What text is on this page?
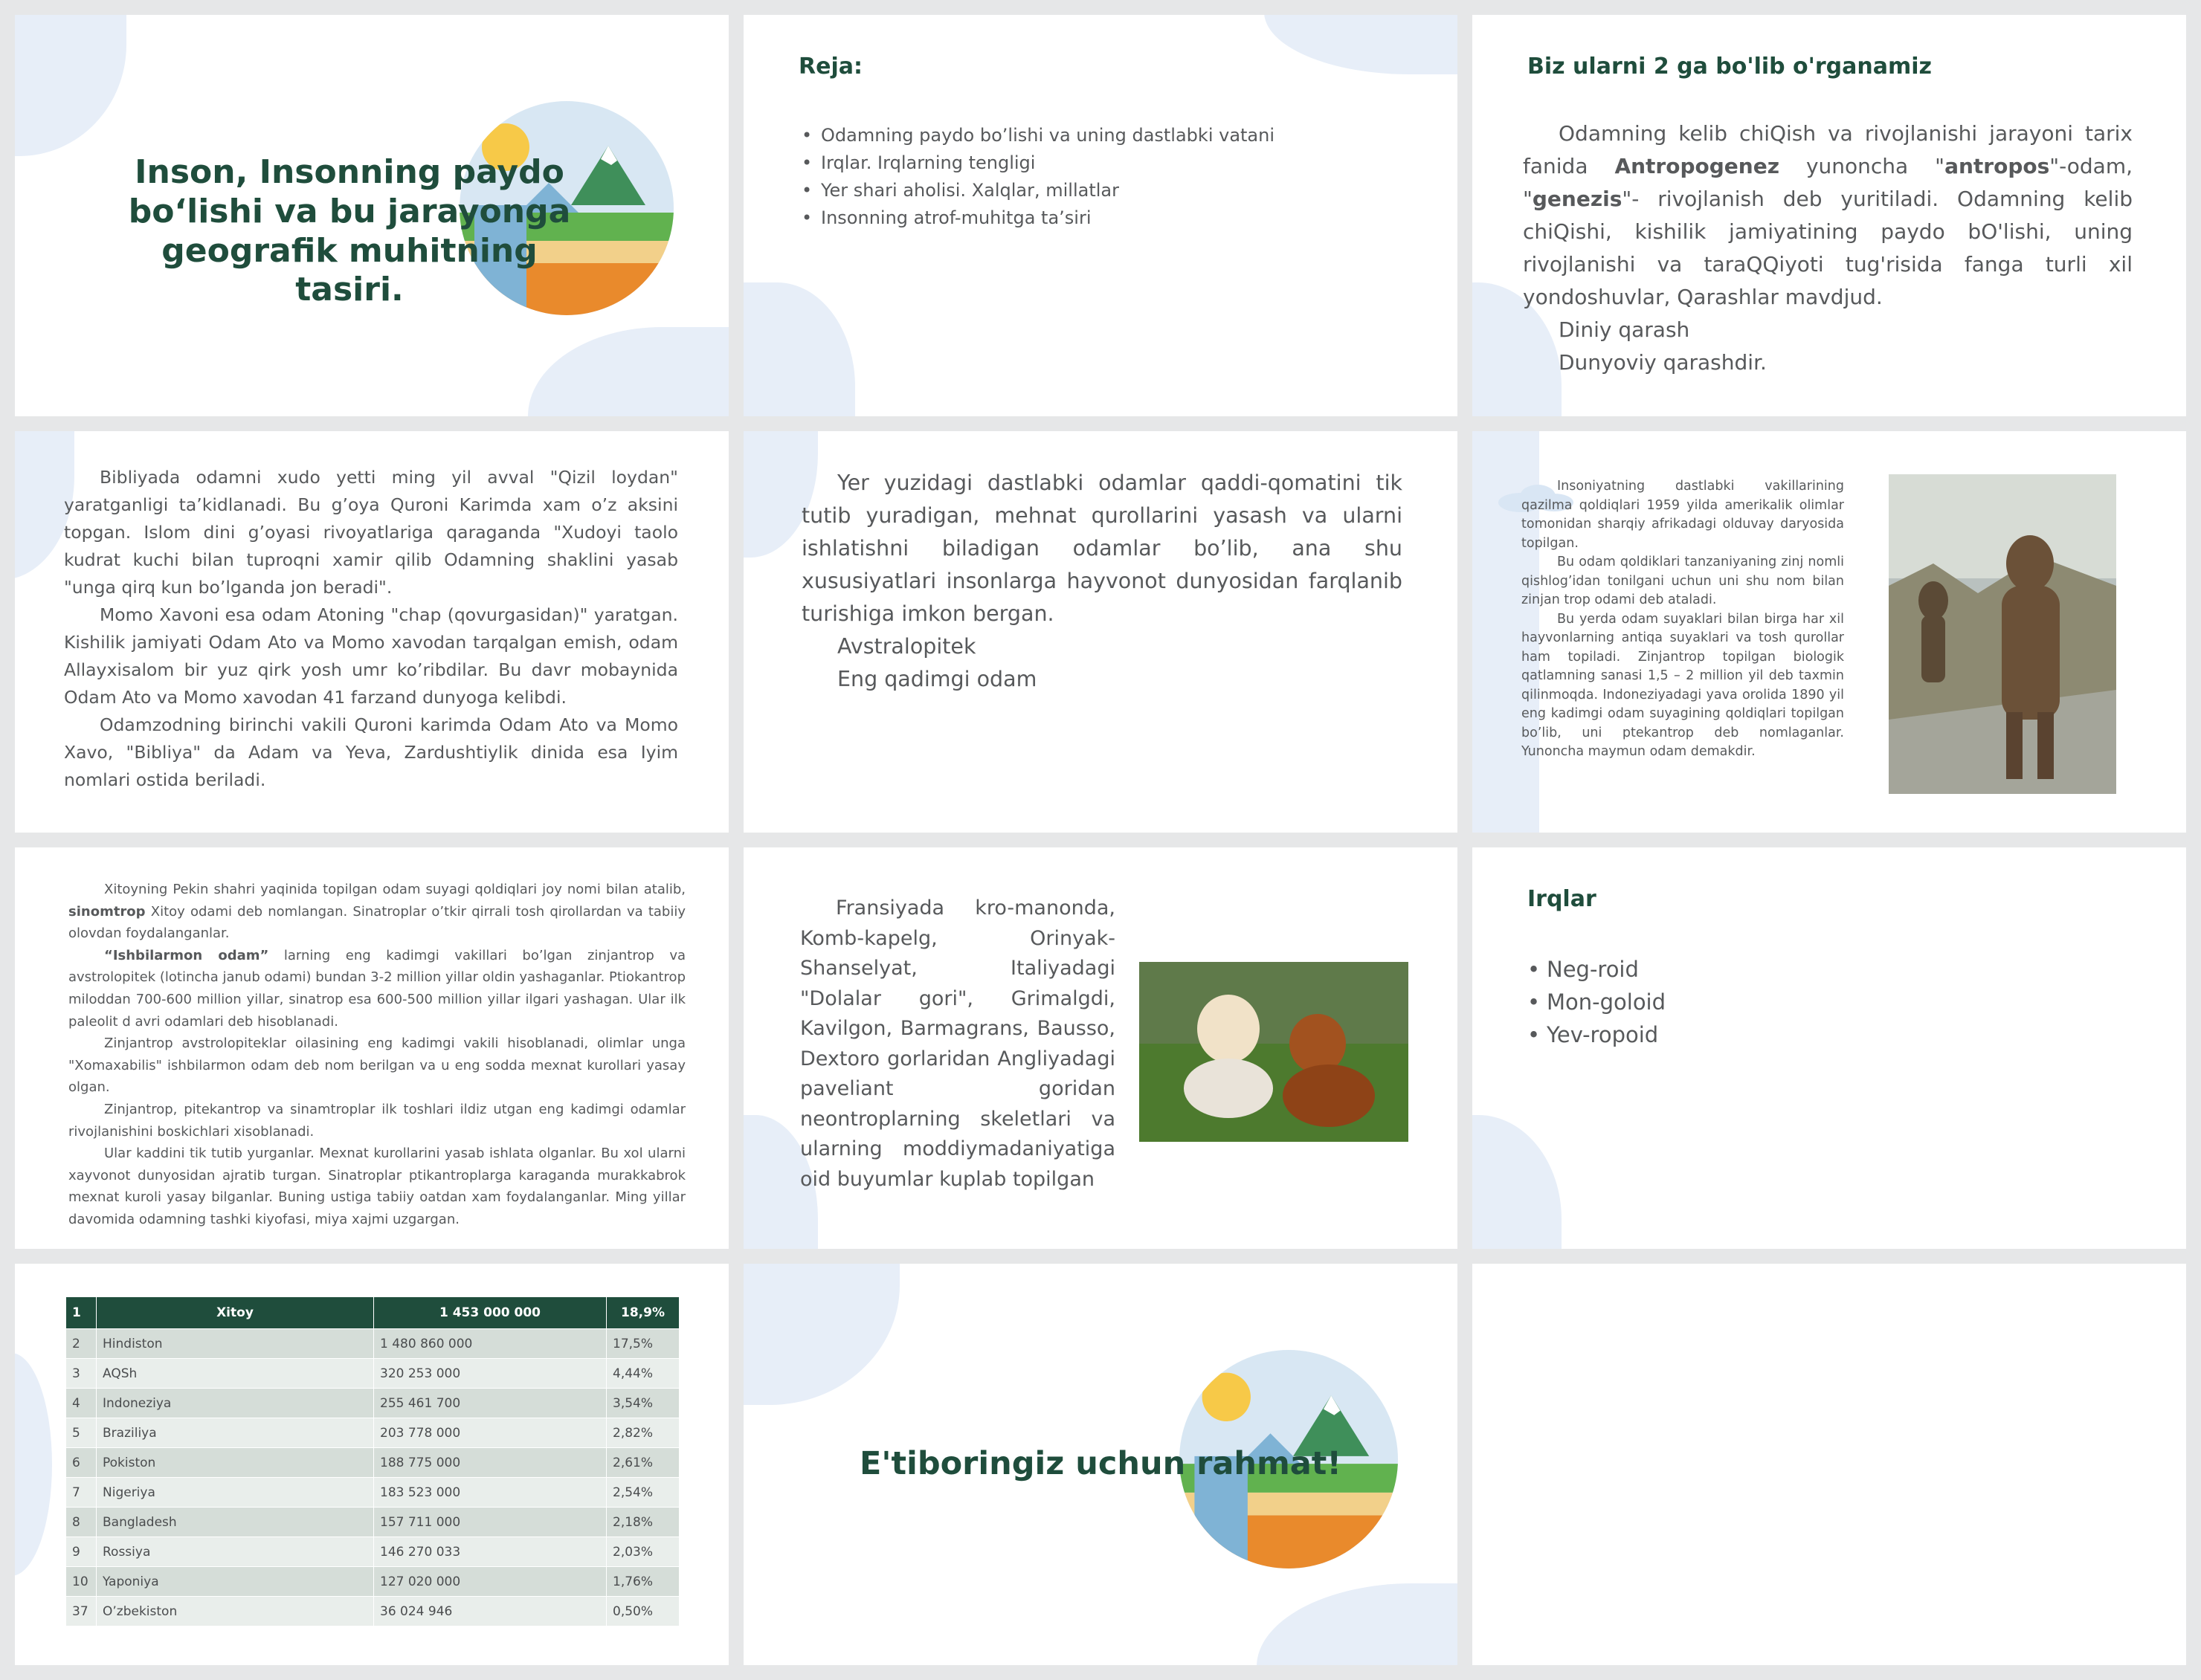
Inson, Insonning paydo boʻlishi va bu jarayonga geografik muhitning tasiri.
Reja:
• Odamning paydo bo’lishi va uning dastlabki vatani
• Irqlar. Irqlarning tengligi
• Yer shari aholisi. Xalqlar, millatlar
• Insonning atrof-muhitga ta’siri
Biz ularni 2 ga bo'lib o'rganamiz

Odamning kelib chiQish va rivojlanishi jarayoni tarix fanida Antropogenez yunoncha "antropos"-odam, "genezis"- rivojlanish deb yuritiladi. Odamning kelib chiQishi, kishilik jamiyatining paydo bO'lishi, uning rivojlanishi va taraQQiyoti tug'risida fanga turli xil yondoshuvlar, Qarashlar mavdjud.

Diniy qarash

Dunyoviy qarashdir.

Bibliyada odamni xudo yetti ming yil avval "Qizil loydan" yaratganligi ta’kidlanadi. Bu g’oya Quroni Karimda xam o’z aksini topgan. Islom dini g’oyasi rivoyatlariga qaraganda "Xudoyi taolo kudrat kuchi bilan tuproqni xamir qilib Odamning shaklini yasab "unga qirq kun bo’lganda jon beradi".

Momo Xavoni esa odam Atoning "chap (qovurgasidan)" yaratgan. Kishilik jamiyati Odam Ato va Momo xavodan tarqalgan emish, odam Allayxisalom bir yuz qirk yosh umr ko’ribdilar. Bu davr mobaynida Odam Ato va Momo xavodan 41 farzand dunyoga kelibdi.

Odamzodning birinchi vakili Quroni karimda Odam Ato va Momo Xavo, "Bibliya" da Adam va Yeva, Zardushtiylik dinida esa Iyim nomlari ostida beriladi.

Yer yuzidagi dastlabki odamlar qaddi-qomatini tik tutib yuradigan, mehnat qurollarini yasash va ularni ishlatishni biladigan odamlar bo’lib, ana shu xususiyatlari insonlarga hayvonot dunyosidan farqlanib turishiga imkon bergan.

Avstralopitek

Eng qadimgi odam

Insoniyatning dastlabki vakillarining qazilma qoldiqlari 1959 yilda amerikalik olimlar tomonidan sharqiy afrikadagi olduvay daryosida topilgan.

Bu odam qoldiklari tanzaniyaning zinj nomli qishlog’idan tonilgani uchun uni shu nom bilan zinjan trop odami deb ataladi.

Bu yerda odam suyaklari bilan birga har xil hayvonlarning antiqa suyaklari va tosh qurollar ham topiladi. Zinjantrop topilgan biologik qatlamning sanasi 1,5 – 2 million yil deb taxmin qilinmoqda. Indoneziyadagi yava orolida 1890 yil eng kadimgi odam suyagining qoldiqlari topilgan bo’lib, uni ptekantrop deb nomlaganlar. Yunoncha maymun odam demakdir.

Xitoyning Pekin shahri yaqinida topilgan odam suyagi qoldiqlari joy nomi bilan atalib, sinomtrop Xitoy odami deb nomlangan. Sinatroplar o’tkir qirrali tosh qirollardan va tabiiy olovdan foydalanganlar.

“Ishbilarmon odam” larning eng kadimgi vakillari bo’lgan zinjantrop va avstrolopitek (lotincha janub odami) bundan 3-2 million yillar oldin yashaganlar. Ptiokantrop miloddan 700-600 million yillar, sinatrop esa 600-500 million yillar ilgari yashagan. Ular ilk paleolit d avri odamlari deb hisoblanadi.

Zinjantrop avstrolopiteklar oilasining eng kadimgi vakili hisoblanadi, olimlar unga "Xomaxabilis" ishbilarmon odam deb nom berilgan va u eng sodda mexnat kurollari yasay olgan.

Zinjantrop, pitekantrop va sinamtroplar ilk toshlari ildiz utgan eng kadimgi odamlar rivojlanishini boskichlari xisoblanadi.

Ular kaddini tik tutib yurganlar. Mexnat kurollarini yasab ishlata olganlar. Bu xol ularni xayvonot dunyosidan ajratib turgan. Sinatroplar ptikantroplarga karaganda murakkabrok mexnat kuroli yasay bilganlar. Buning ustiga tabiiy oatdan xam foydalanganlar. Ming yillar davomida odamning tashki kiyofasi, miya xajmi uzgargan.

Fransiyada kro-manonda, Komb-kapelg, Orinyak-Shanselyat, Italiyadagi "Dolalar gori", Grimalgdi, Kavilgon, Barmagrans, Bausso, Dextoro gorlaridan Angliyadagi paveliant goridan neontroplarning skeletlari va ularning moddiymadaniyatiga oid buyumlar kuplab topilgan

Irqlar
• Neg-roid
• Mon-goloid
• Yev-ropoid
1	Xitoy	1 453 000 000	18,9%
2	Hindiston	1 480 860 000	17,5%
3	AQSh	320 253 000	4,44%
4	Indoneziya	255 461 700	3,54%
5	Braziliya	203 778 000	2,82%
6	Pokiston	188 775 000	2,61%
7	Nigeriya	183 523 000	2,54%
8	Bangladesh	157 711 000	2,18%
9	Rossiya	146 270 033	2,03%
10	Yaponiya	127 020 000	1,76%
37	O’zbekiston	36 024 946	0,50%
E'tiboringiz uchun rahmat!
